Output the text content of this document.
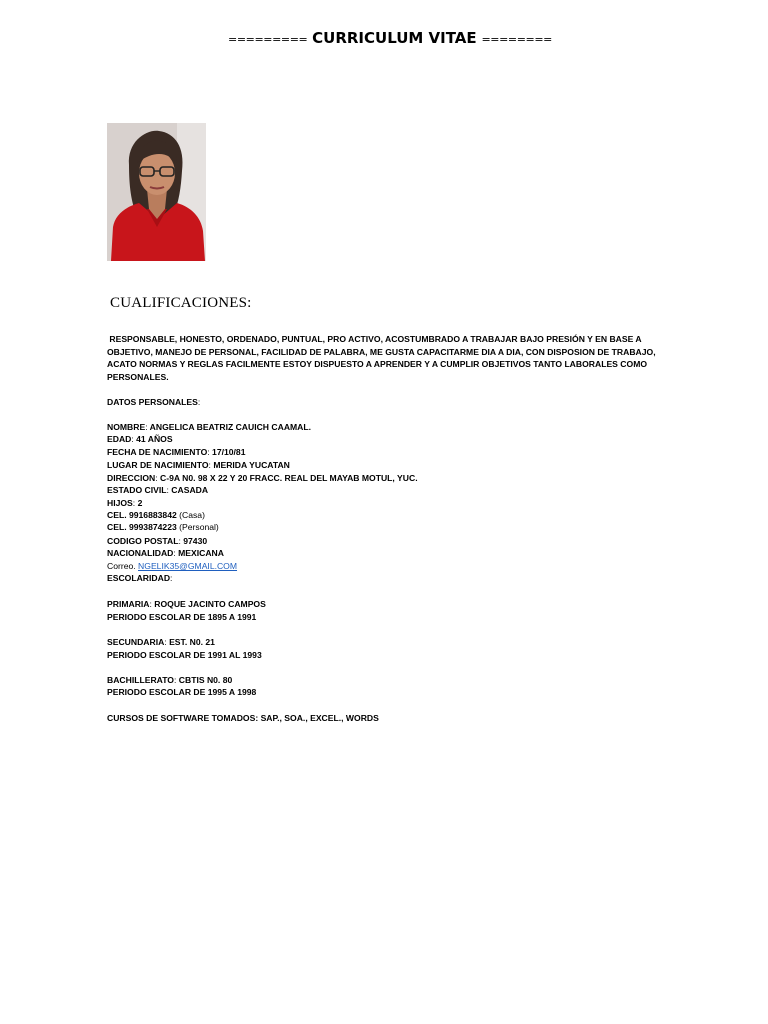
========= CURRICULUM VITAE ========
CUALIFICACIONES:
RESPONSABLE, HONESTO, ORDENADO, PUNTUAL, PRO ACTIVO, ACOSTUMBRADO A TRABAJAR BAJO PRESIÓN Y EN BASE A
OBJETIVO, MANEJO DE PERSONAL, FACILIDAD DE PALABRA, ME GUSTA CAPACITARME DIA A DIA, CON DISPOSION DE TRABAJO,
ACATO NORMAS Y REGLAS FACILMENTE ESTOY DISPUESTO A APRENDER Y A CUMPLIR OBJETIVOS TANTO LABORALES COMO
PERSONALES.
DATOS PERSONALES:
NOMBRE: ANGELICA BEATRIZ CAUICH CAAMAL.
EDAD: 41 AÑOS
FECHA DE NACIMIENTO: 17/10/81
LUGAR DE NACIMIENTO: MERIDA YUCATAN
DIRECCION: C-9A N0. 98 X 22 Y 20 FRACC. REAL DEL MAYAB MOTUL, YUC.
ESTADO CIVIL: CASADA
HIJOS: 2
CEL. 9916883842 (Casa)
CEL. 9993874223 (Personal)
CODIGO POSTAL: 97430
NACIONALIDAD: MEXICANA
Correo. NGELIK35@GMAIL.COM
ESCOLARIDAD:
PRIMARIA: ROQUE JACINTO CAMPOS
PERIODO ESCOLAR DE 1895 A 1991
SECUNDARIA: EST. N0. 21
PERIODO ESCOLAR DE 1991 AL 1993
BACHILLERATO: CBTIS N0. 80
PERIODO ESCOLAR DE 1995 A 1998
CURSOS DE SOFTWARE TOMADOS: SAP., SOA., EXCEL., WORDS
